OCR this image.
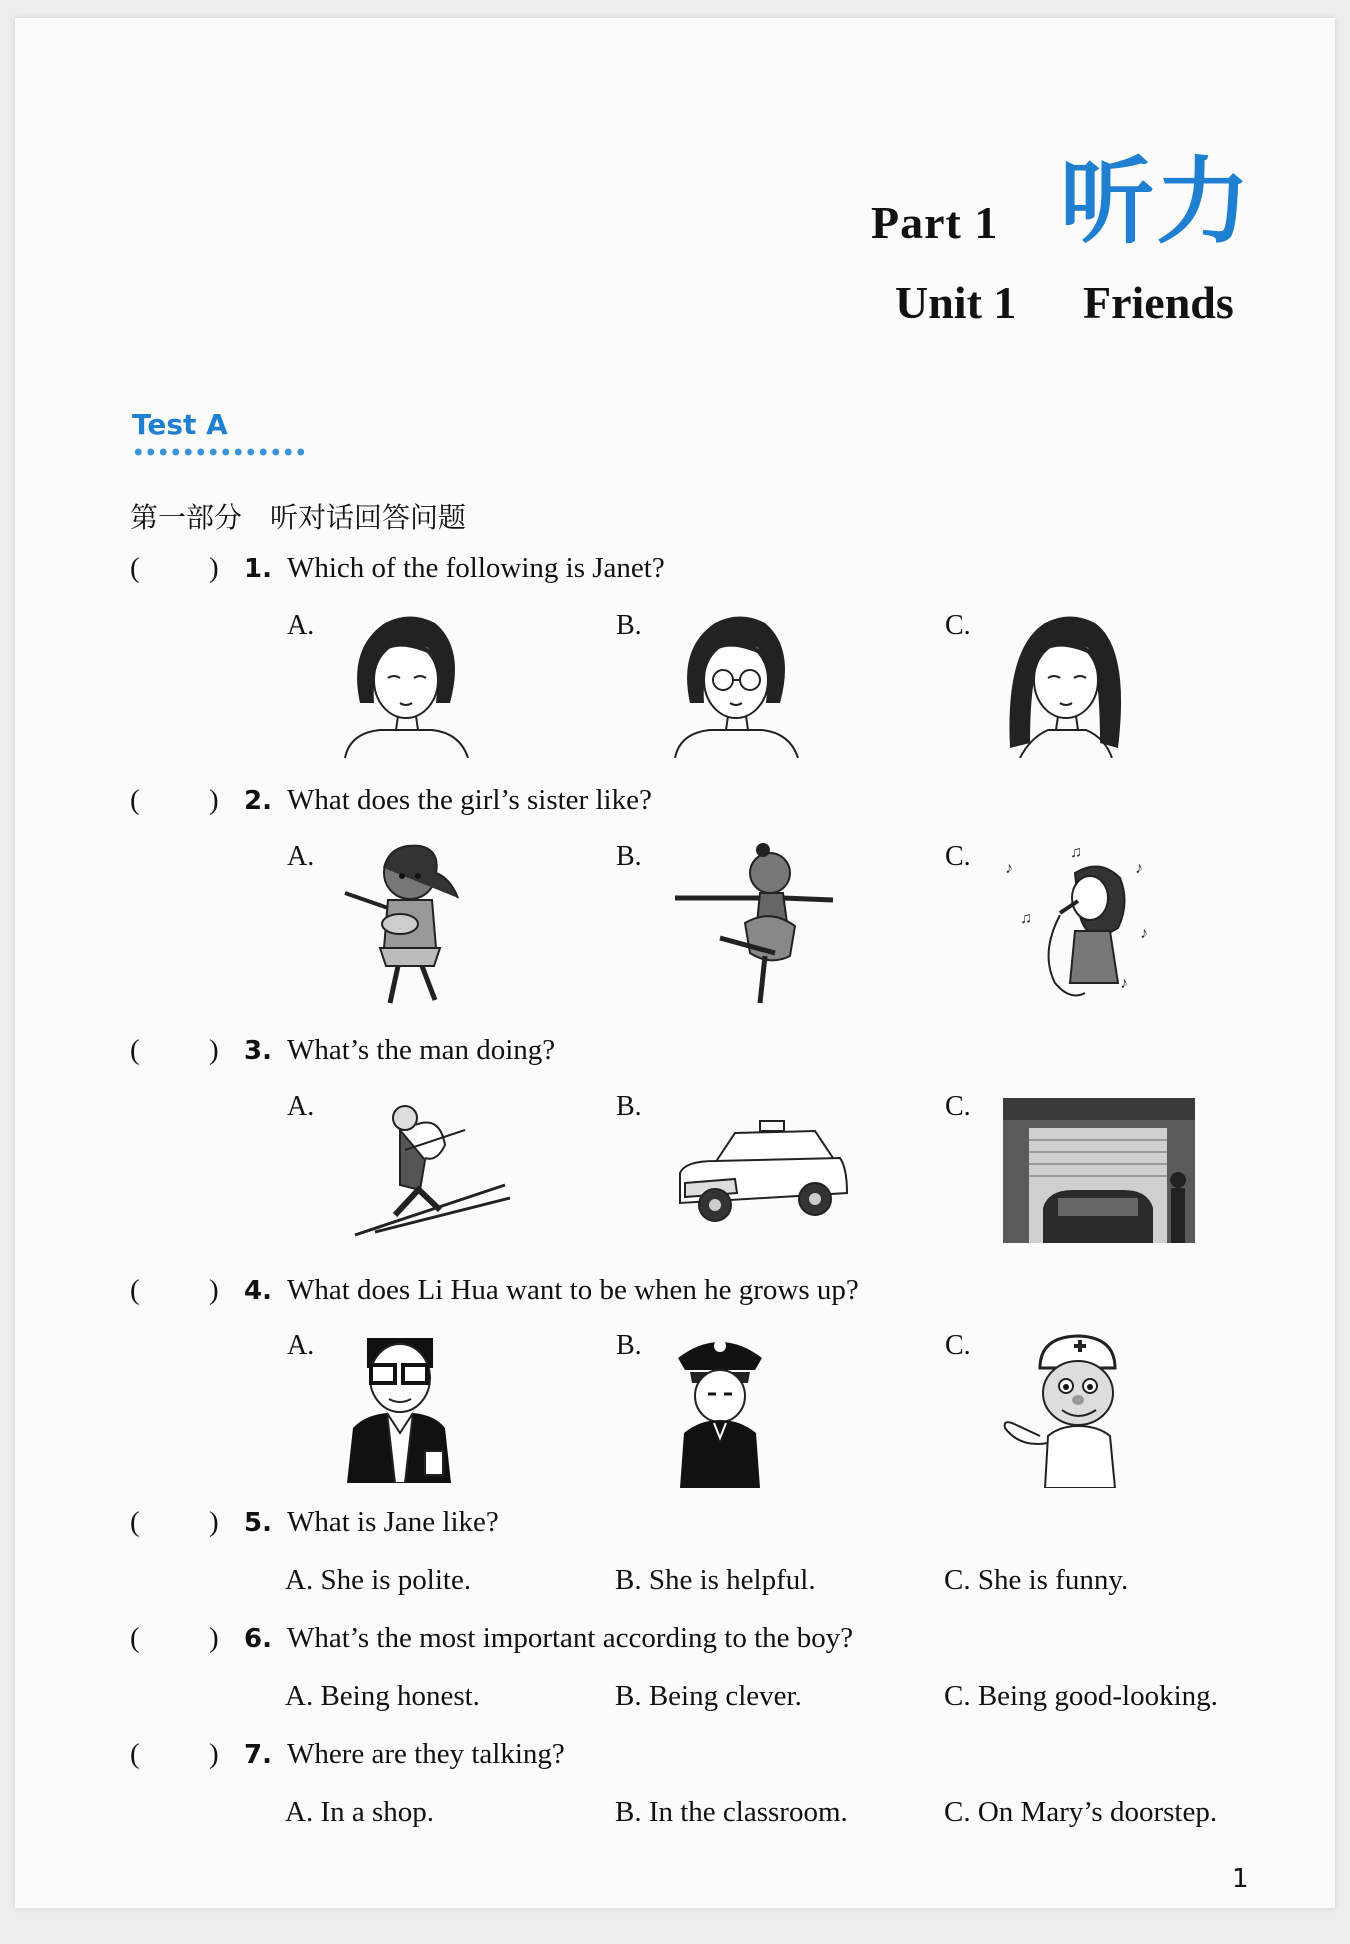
Part 1 听力
Unit 1 Friends
Test A
第一部分　听对话回答问题
( ) 1. Which of the following is Janet?
A.	B.	C.
( ) 2. What does the girl’s sister like?
A.	B.	C. ♪
♫
♪
♫
♪
♪
( ) 3. What’s the man doing?
A.	B.	C.
( ) 4. What does Li Hua want to be when he grows up?
A.	B.	C.
( ) 5. What is Jane like?
A. She is polite.	B. She is helpful.	C. She is funny.
( ) 6. What’s the most important according to the boy?
A. Being honest.	B. Being clever.	C. Being good-looking.
( ) 7. Where are they talking?
A. In a shop.	B. In the classroom.	C. On Mary’s doorstep.
1
